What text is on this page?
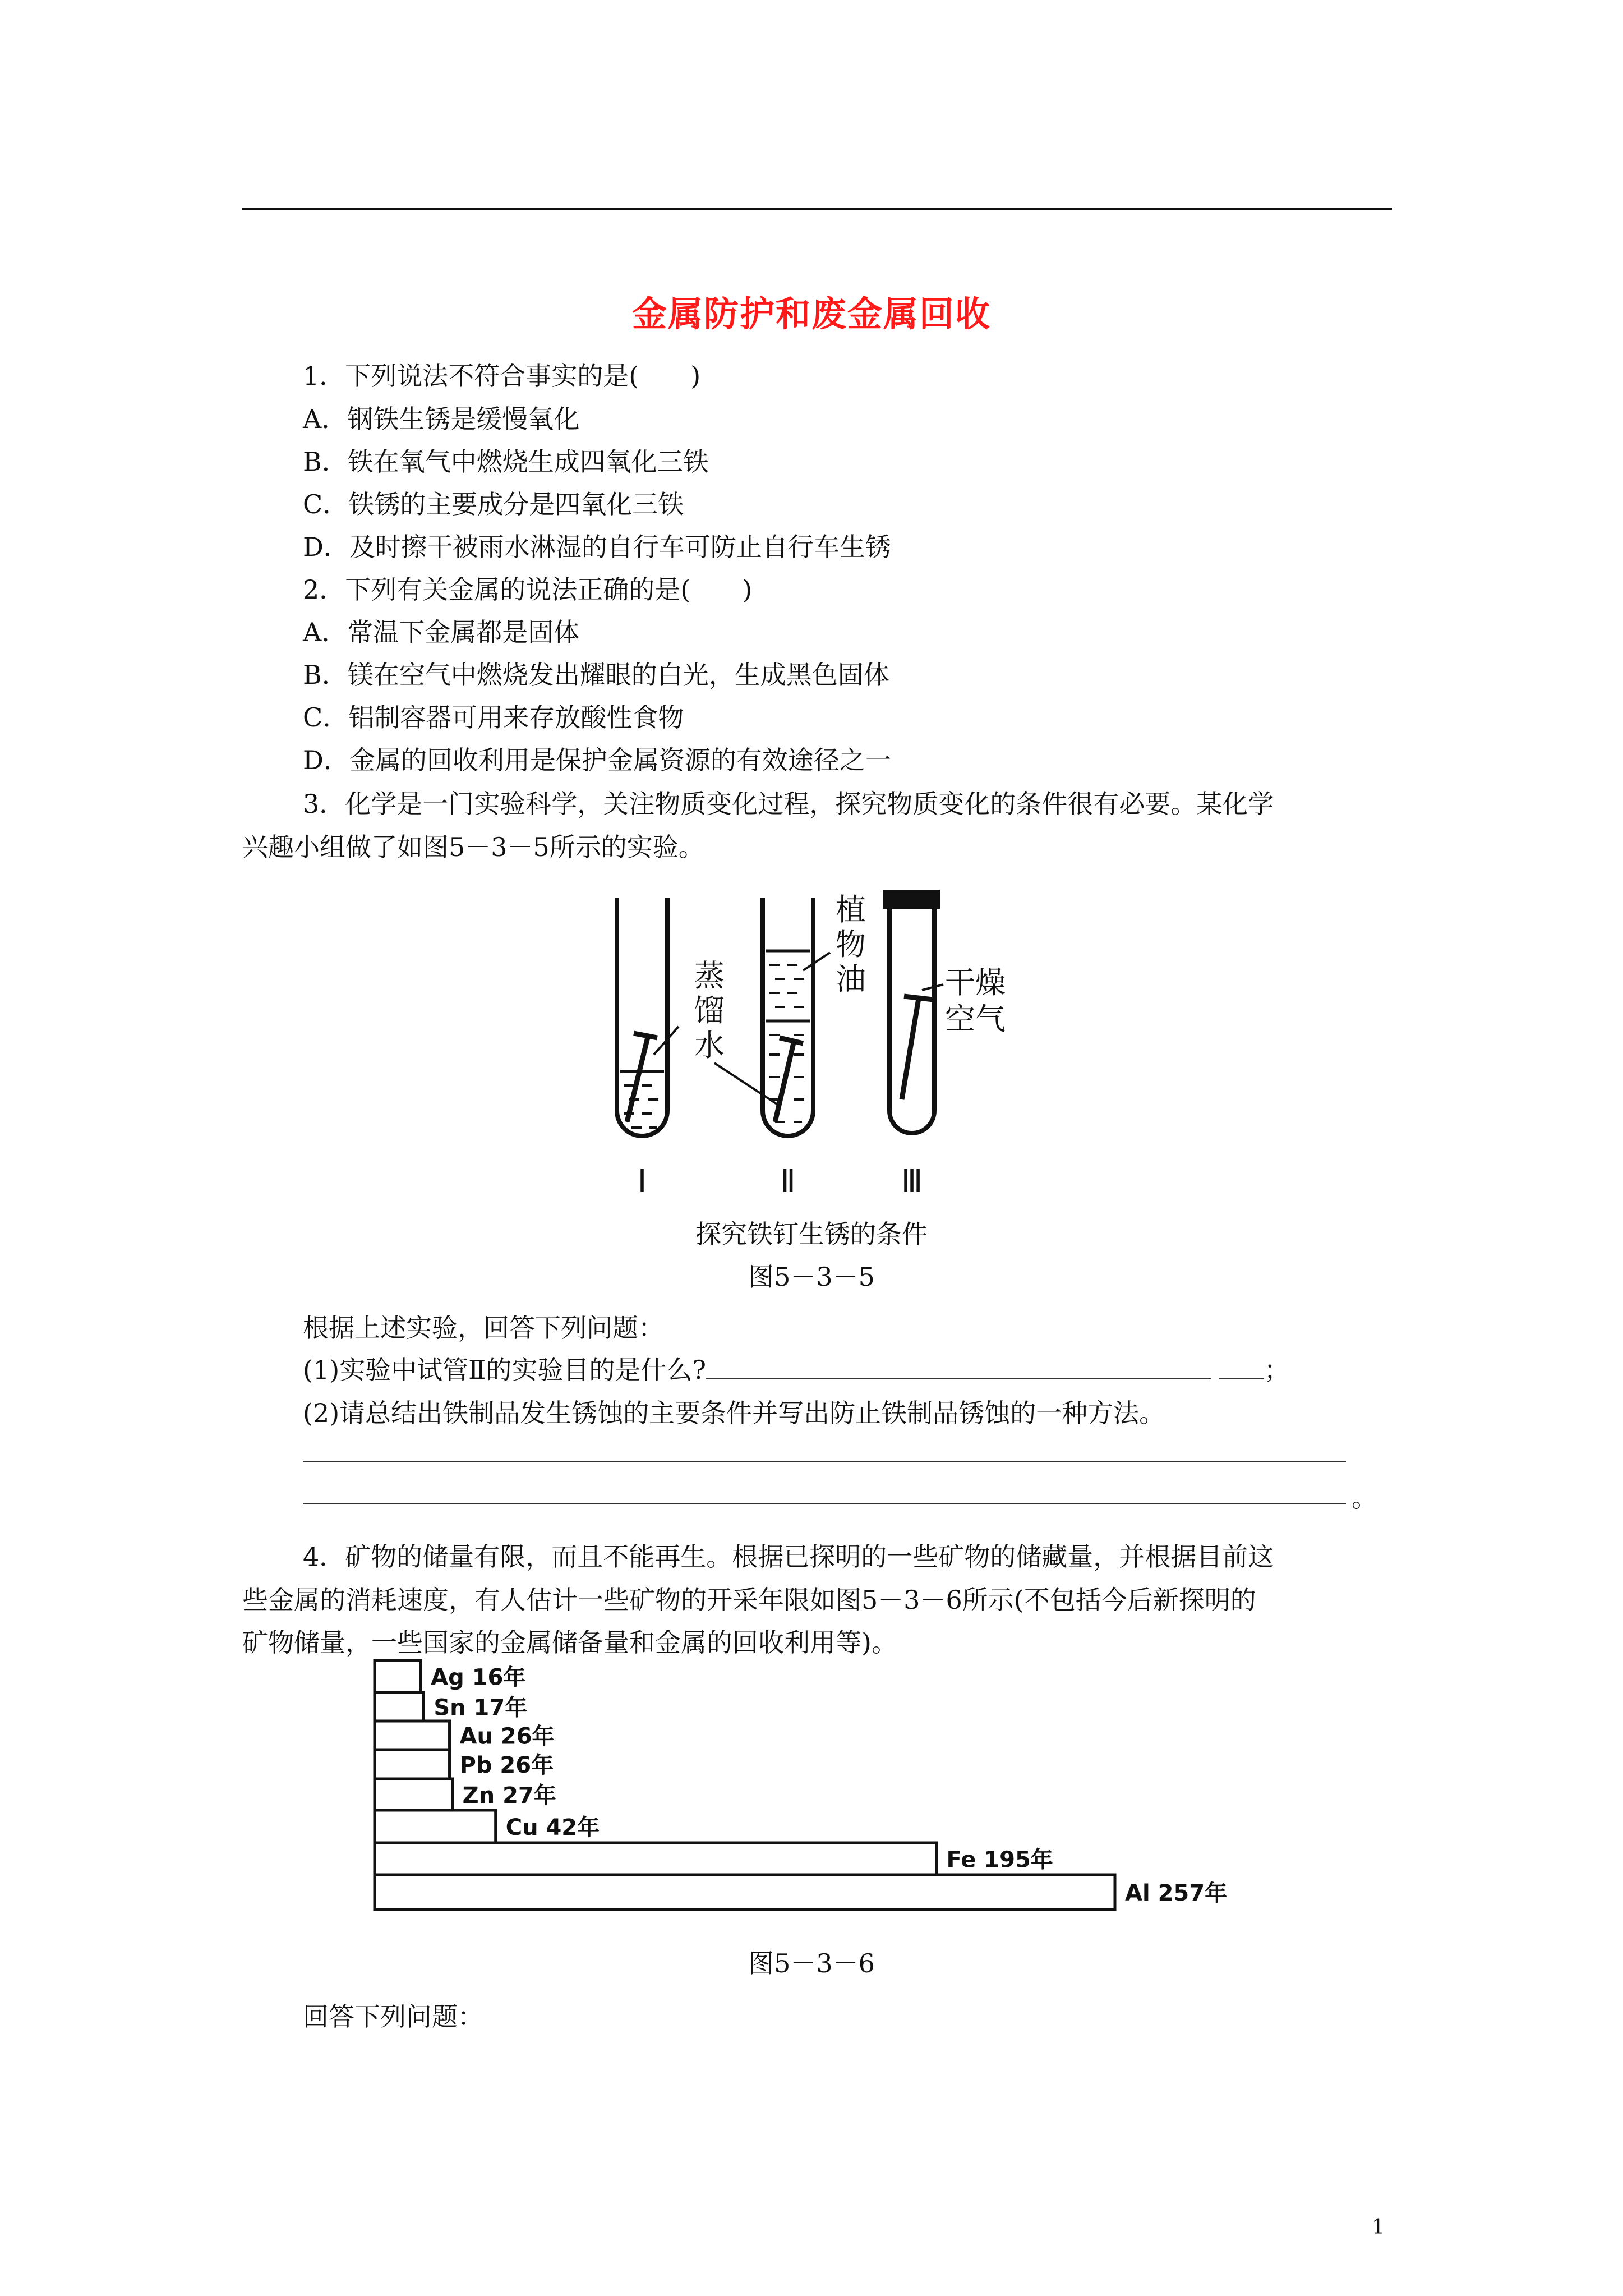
金属防护和废金属回收
1．下列说法不符合事实的是(　　)
A．钢铁生锈是缓慢氧化
B．铁在氧气中燃烧生成四氧化三铁
C．铁锈的主要成分是四氧化三铁
D．及时擦干被雨水淋湿的自行车可防止自行车生锈
2．下列有关金属的说法正确的是(　　)
A．常温下金属都是固体
B．镁在空气中燃烧发出耀眼的白光，生成黑色固体
C．铝制容器可用来存放酸性食物
D．金属的回收利用是保护金属资源的有效途径之一
3．化学是一门实验科学，关注物质变化过程，探究物质变化的条件很有必要。某化学
兴趣小组做了如图5－3－5所示的实验。
蒸
馏
水
植
物
油	干燥
空气
Ⅰ	Ⅱ	Ⅲ
探究铁钉生锈的条件
图5－3－5
根据上述实验，回答下列问题：
(1)实验中试管Ⅱ的实验目的是什么?	；
(2)请总结出铁制品发生锈蚀的主要条件并写出防止铁制品锈蚀的一种方法。
。
4．矿物的储量有限，而且不能再生。根据已探明的一些矿物的储藏量，并根据目前这
些金属的消耗速度，有人估计一些矿物的开采年限如图5－3－6所示(不包括今后新探明的
矿物储量，一些国家的金属储备量和金属的回收利用等)。
Ag 16年
Sn 17年
Au 26年
Pb 26年
Zn 27年
Cu 42年
Fe 195年
Al 257年
图5－3－6
回答下列问题：
1
